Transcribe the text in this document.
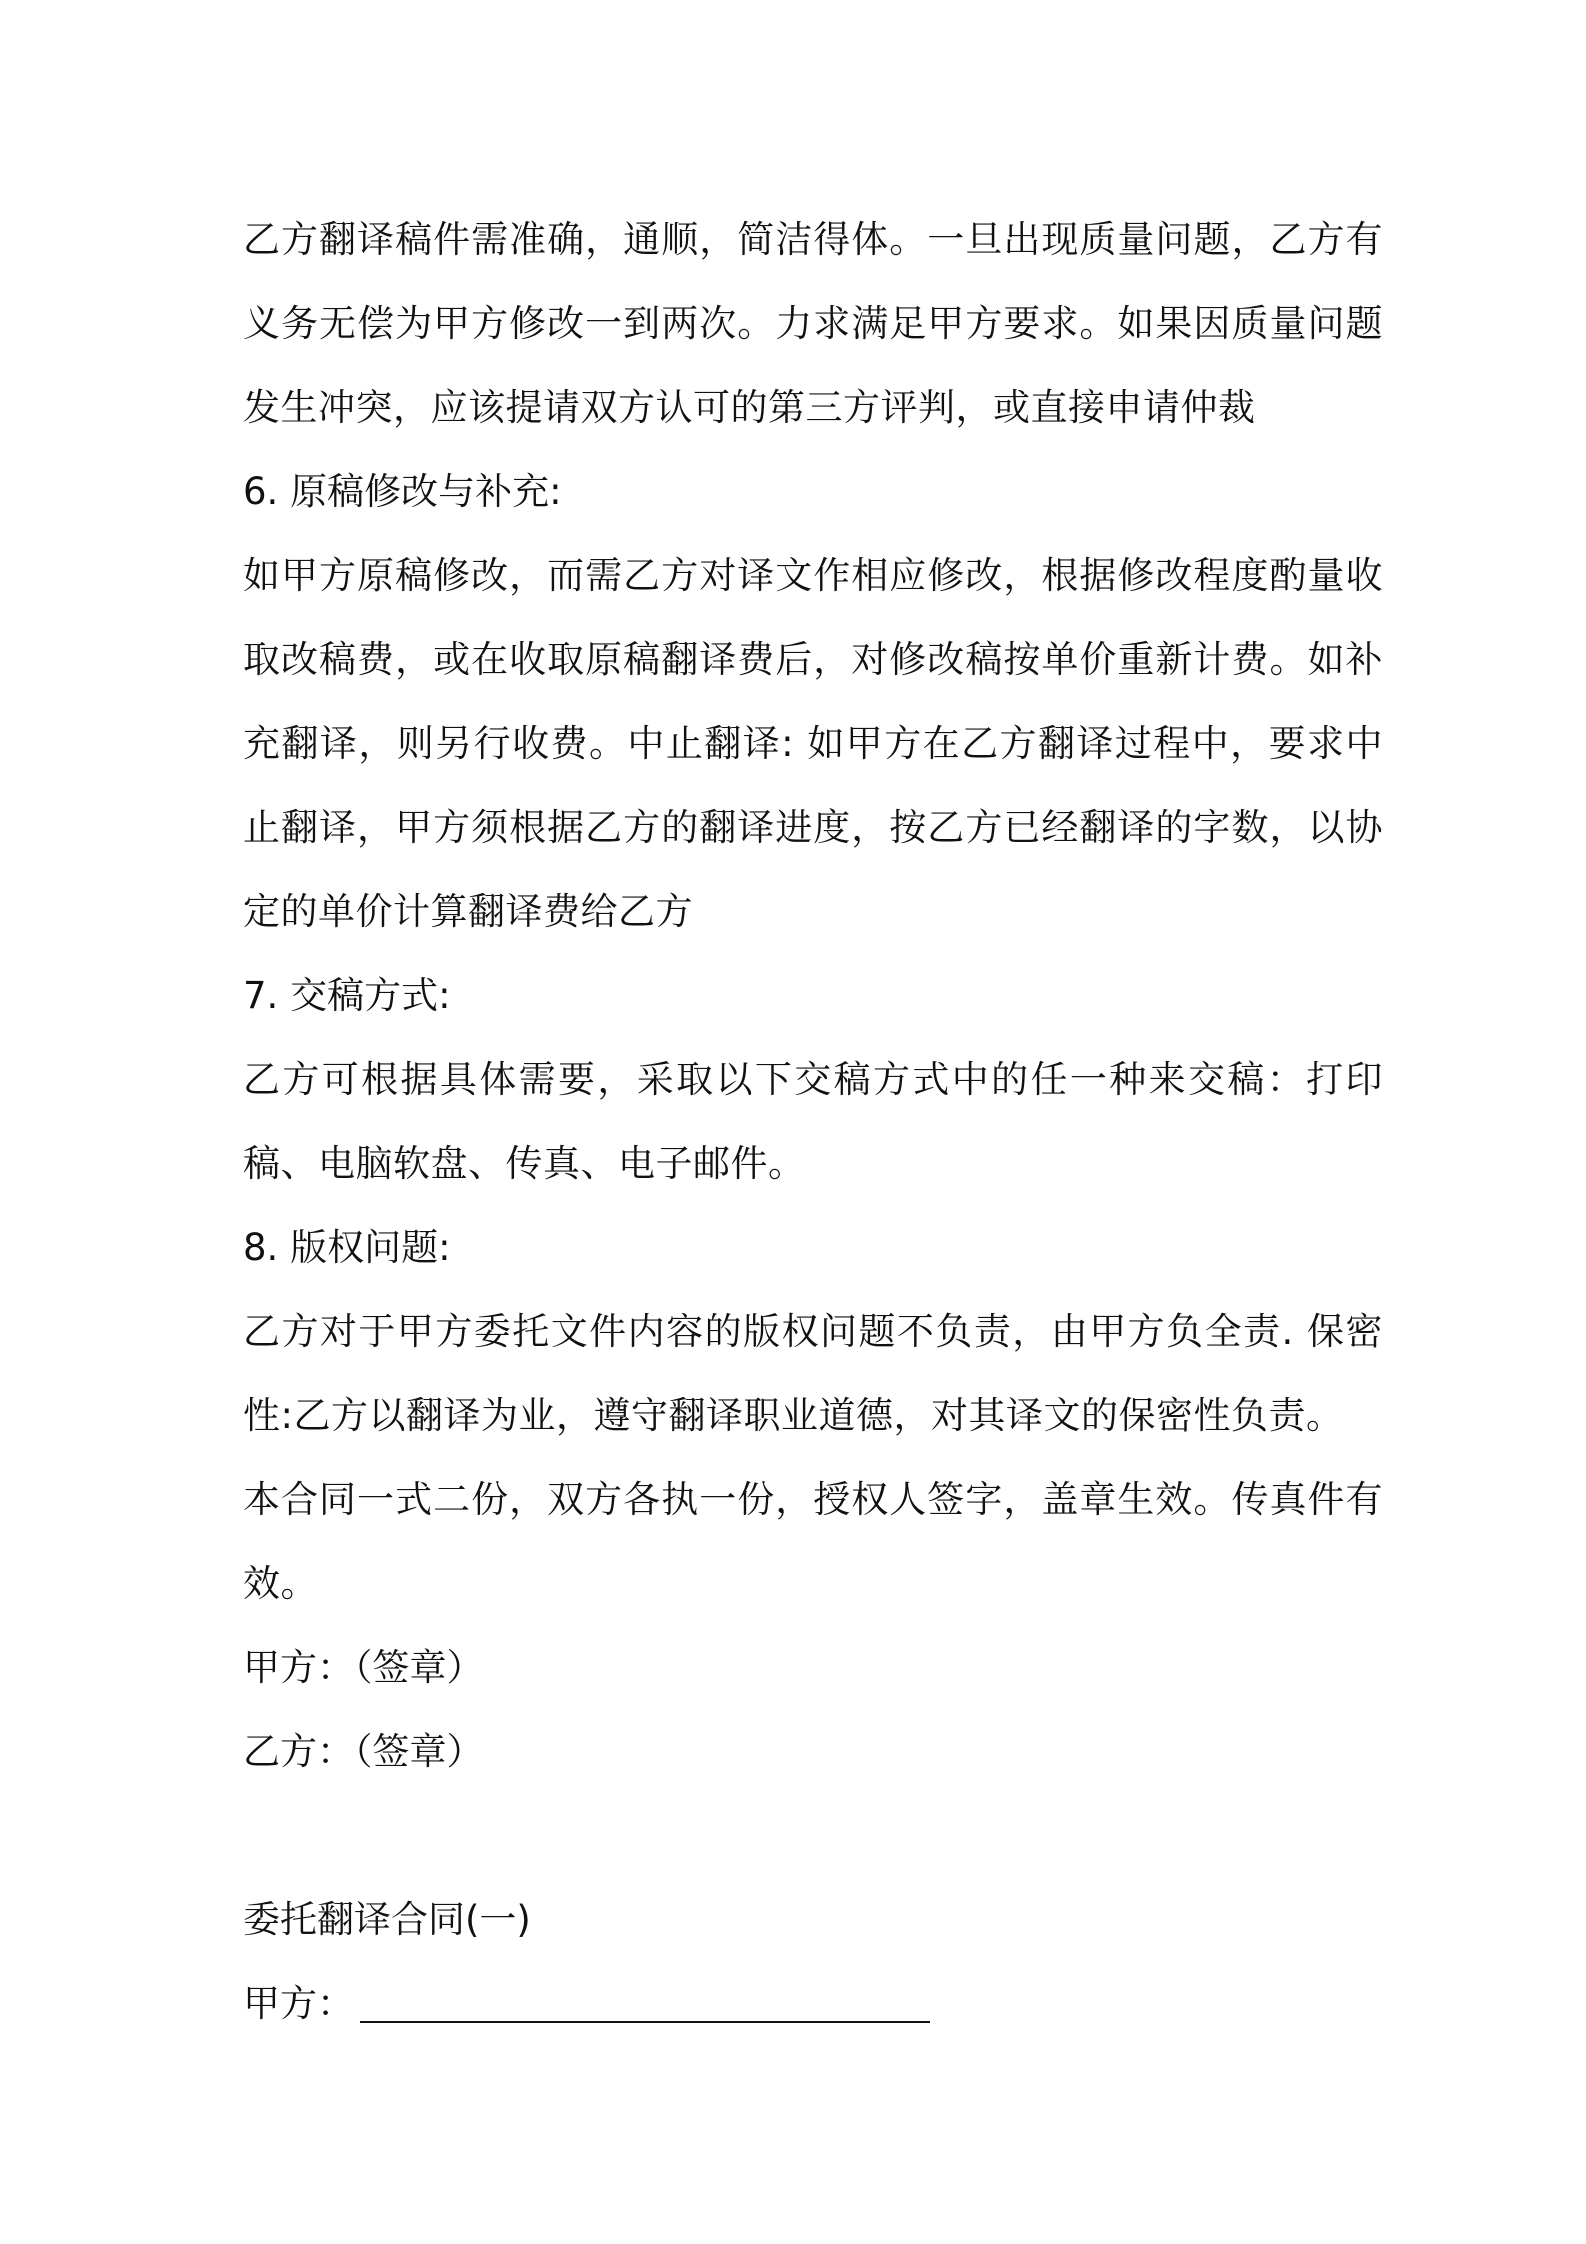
乙方翻译稿件需准确，通顺，简洁得体。一旦出现质量问题，乙方有义务无偿为甲方修改一到两次。力求满足甲方要求。如果因质量问题发生冲突，应该提请双方认可的第三方评判，或直接申请仲裁

6. 原稿修改与补充:

如甲方原稿修改，而需乙方对译文作相应修改，根据修改程度酌量收取改稿费，或在收取原稿翻译费后，对修改稿按单价重新计费。如补充翻译，则另行收费。中止翻译: 如甲方在乙方翻译过程中，要求中止翻译，甲方须根据乙方的翻译进度，按乙方已经翻译的字数，以协定的单价计算翻译费给乙方

7. 交稿方式:

乙方可根据具体需要，采取以下交稿方式中的任一种来交稿：打印稿、电脑软盘、传真、电子邮件。

8. 版权问题:

乙方对于甲方委托文件内容的版权问题不负责，由甲方负全责. 保密性:乙方以翻译为业，遵守翻译职业道德，对其译文的保密性负责。

本合同一式二份，双方各执一份，授权人签字，盖章生效。传真件有效。

甲方：（签章）

乙方：（签章）

委托翻译合同(一)

甲方：
